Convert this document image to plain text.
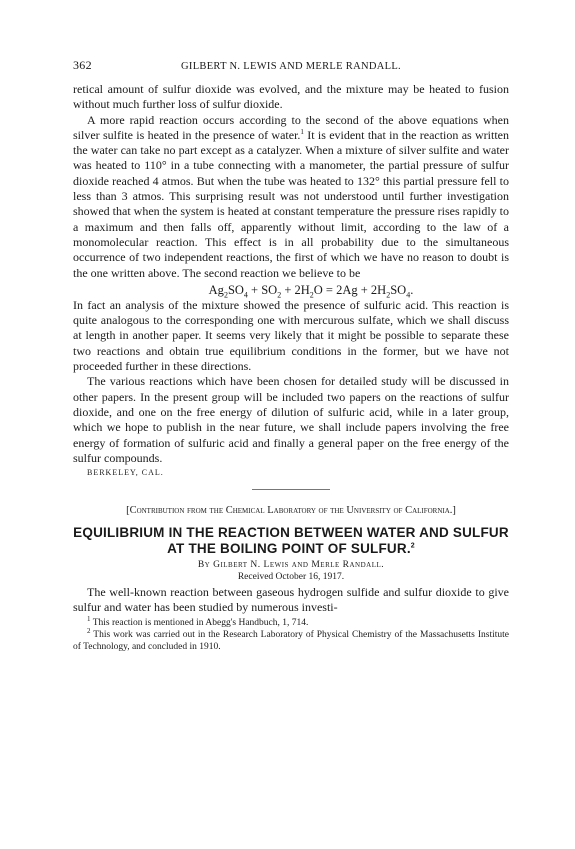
362	GILBERT N. LEWIS AND MERLE RANDALL.

retical amount of sulfur dioxide was evolved, and the mixture may be heated to fusion without much further loss of sulfur dioxide.

A more rapid reaction occurs according to the second of the above equations when silver sulfite is heated in the presence of water.$^1$ It is evident that in the reaction as written the water can take no part except as a catalyzer. When a mixture of silver sulfite and water was heated to 110° in a tube connecting with a manometer, the partial pressure of sulfur dioxide reached 4 atmos. But when the tube was heated to 132° this partial pressure fell to less than 3 atmos. This surprising result was not understood until further investigation showed that when the system is heated at constant temperature the pressure rises rapidly to a maximum and then falls off, apparently without limit, according to the law of a monomolecular reaction. This effect is in all probability due to the simultaneous occurrence of two independent reactions, the first of which we have no reason to doubt is the one written above. The second reaction we believe to be

$Ag_2SO_4 + SO_2 + 2H_2O = 2Ag + 2H_2SO_4$.

In fact an analysis of the mixture showed the presence of sulfuric acid. This reaction is quite analogous to the corresponding one with mercurous sulfate, which we shall discuss at length in another paper. It seems very likely that it might be possible to separate these two reactions and obtain true equilibrium conditions in the former, but we have not proceeded further in these directions.

The various reactions which have been chosen for detailed study will be discussed in other papers. In the present group will be included two papers on the reactions of sulfur dioxide, and one on the free energy of dilution of sulfuric acid, while in a later group, which we hope to publish in the near future, we shall include papers involving the free energy of formation of sulfuric acid and finally a general paper on the free energy of the sulfur compounds.

BERKELEY, CAL.
[Contribution from the Chemical Laboratory of the University of California.]
EQUILIBRIUM IN THE REACTION BETWEEN WATER AND SULFUR AT THE BOILING POINT OF SULFUR.$^2$
By Gilbert N. Lewis and Merle Randall.
Received October 16, 1917.

The well-known reaction between gaseous hydrogen sulfide and sulfur dioxide to give sulfur and water has been studied by numerous investi-

$^1$ This reaction is mentioned in Abegg's Handbuch, 1, 714.
$^2$ This work was carried out in the Research Laboratory of Physical Chemistry of the Massachusetts Institute of Technology, and concluded in 1910.
